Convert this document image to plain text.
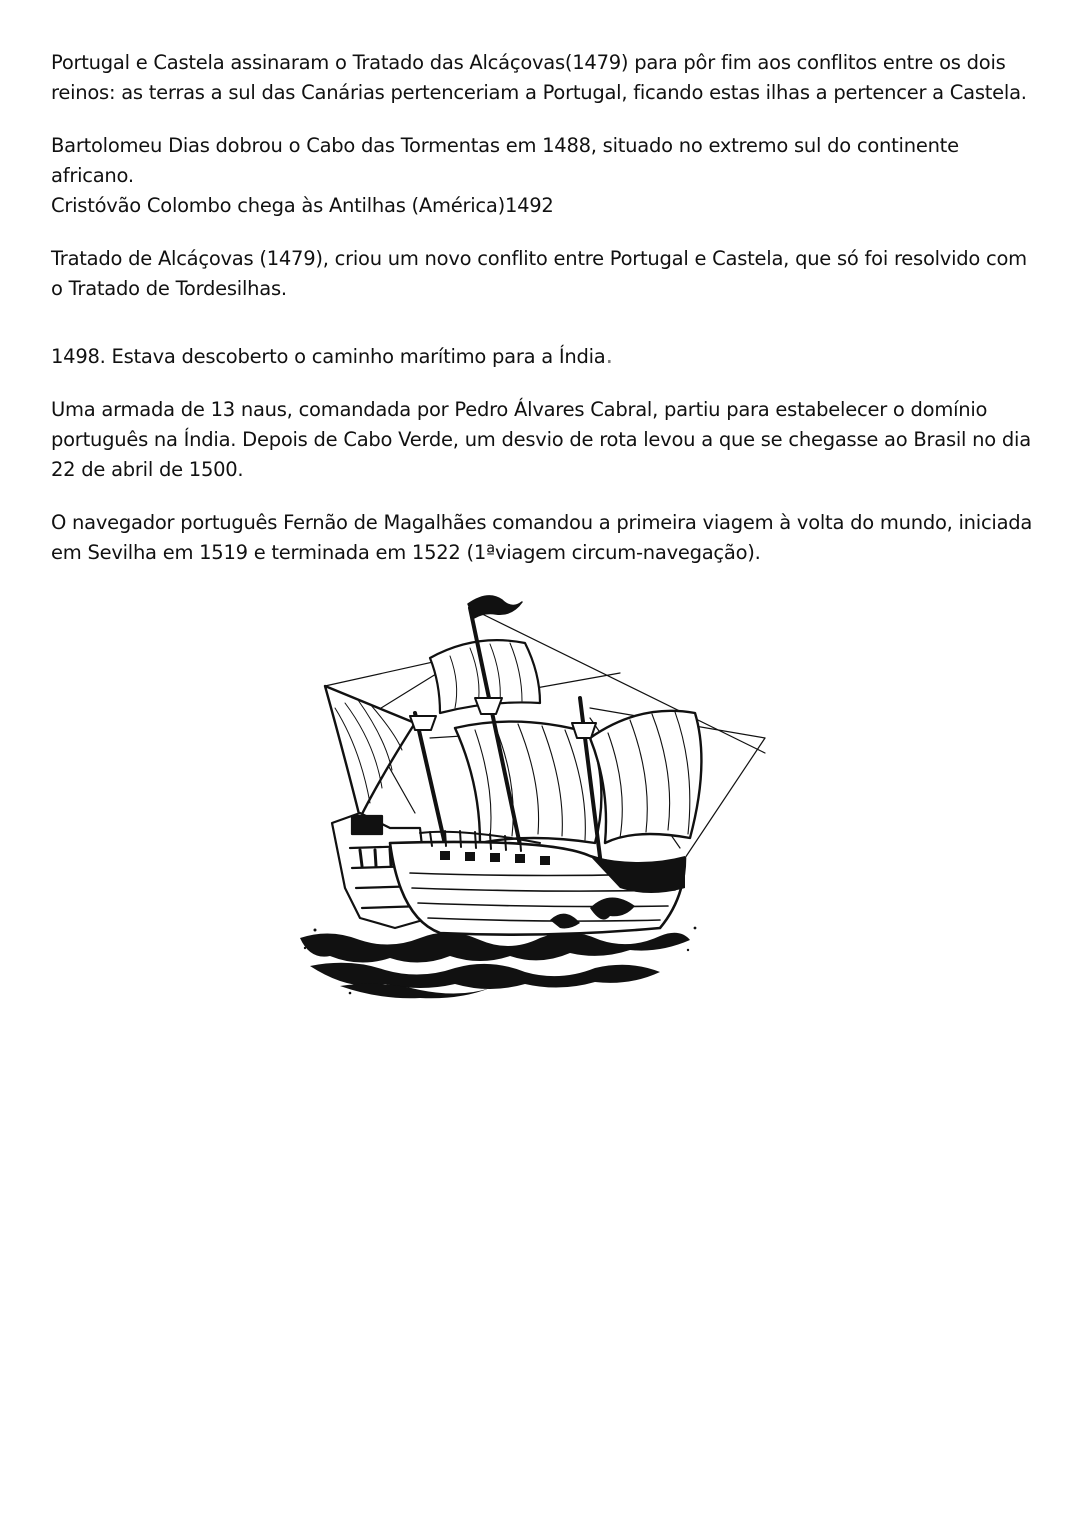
Portugal e Castela assinaram o Tratado das Alcáçovas(1479) para pôr fim aos conflitos entre os dois
reinos: as terras a sul das Canárias pertenceriam a Portugal, ficando estas ilhas a pertencer a Castela.

Bartolomeu Dias dobrou o Cabo das Tormentas em 1488, situado no extremo sul do continente
africano.
Cristóvão Colombo chega às Antilhas (América)1492

Tratado de Alcáçovas (1479), criou um novo conflito entre Portugal e Castela, que só foi resolvido com
o Tratado de Tordesilhas.

1498. Estava descoberto o caminho marítimo para a Índia.

Uma armada de 13 naus, comandada por Pedro Álvares Cabral, partiu para estabelecer o domínio
português na Índia. Depois de Cabo Verde, um desvio de rota levou a que se chegasse ao Brasil no dia
22 de abril de 1500.

O navegador português Fernão de Magalhães comandou a primeira viagem à volta do mundo, iniciada
em Sevilha em 1519 e terminada em 1522 (1ªviagem circum-navegação).
